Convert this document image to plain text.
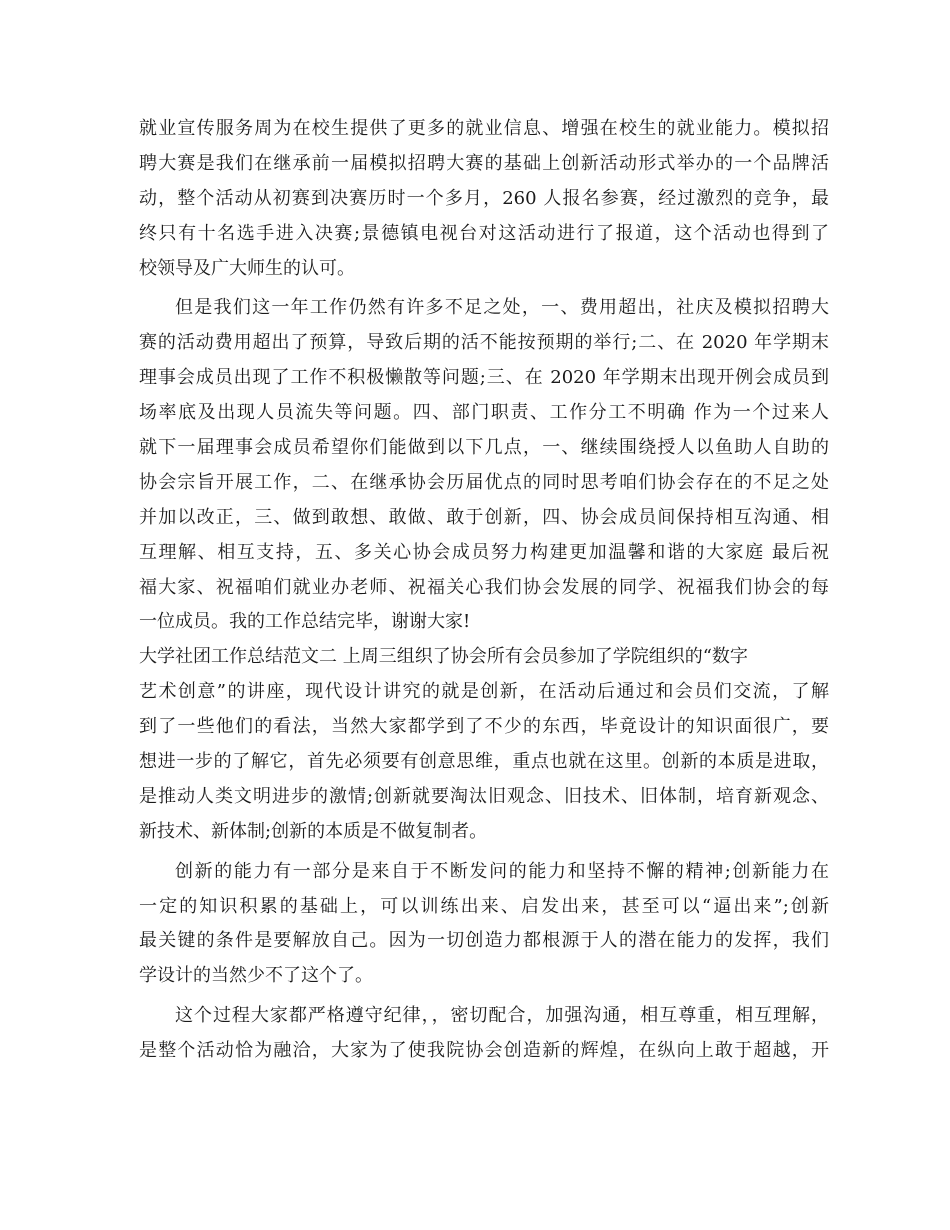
就业宣传服务周为在校生提供了更多的就业信息、增强在校生的就业能力。模拟招
聘大赛是我们在继承前一届模拟招聘大赛的基础上创新活动形式举办的一个品牌活
动，整个活动从初赛到决赛历时一个多月，260 人报名参赛，经过激烈的竞争，最
终只有十名选手进入决赛;景德镇电视台对这活动进行了报道，这个活动也得到了
校领导及广大师生的认可。
但是我们这一年工作仍然有许多不足之处，一、费用超出，社庆及模拟招聘大
赛的活动费用超出了预算，导致后期的活不能按预期的举行;二、在 2020 年学期末
理事会成员出现了工作不积极懒散等问题;三、在 2020 年学期末出现开例会成员到
场率底及出现人员流失等问题。四、部门职责、工作分工不明确 作为一个过来人
就下一届理事会成员希望你们能做到以下几点，一、继续围绕授人以鱼助人自助的
协会宗旨开展工作，二、在继承协会历届优点的同时思考咱们协会存在的不足之处
并加以改正，三、做到敢想、敢做、敢于创新，四、协会成员间保持相互沟通、相
互理解、相互支持，五、多关心协会成员努力构建更加温馨和谐的大家庭 最后祝
福大家、祝福咱们就业办老师、祝福关心我们协会发展的同学、祝福我们协会的每
一位成员。我的工作总结完毕，谢谢大家!
大学社团工作总结范文二 上周三组织了协会所有会员参加了学院组织的“数字
艺术创意”的讲座，现代设计讲究的就是创新，在活动后通过和会员们交流，了解
到了一些他们的看法，当然大家都学到了不少的东西，毕竟设计的知识面很广，要
想进一步的了解它，首先必须要有创意思维，重点也就在这里。创新的本质是进取，
是推动人类文明进步的激情;创新就要淘汰旧观念、旧技术、旧体制，培育新观念、
新技术、新体制;创新的本质是不做复制者。
创新的能力有一部分是来自于不断发问的能力和坚持不懈的精神;创新能力在
一定的知识积累的基础上，可以训练出来、启发出来，甚至可以“逼出来”;创新
最关键的条件是要解放自己。因为一切创造力都根源于人的潜在能力的发挥，我们
学设计的当然少不了这个了。
这个过程大家都严格遵守纪律，，密切配合，加强沟通，相互尊重，相互理解，
是整个活动恰为融洽，大家为了使我院协会创造新的辉煌，在纵向上敢于超越，开
